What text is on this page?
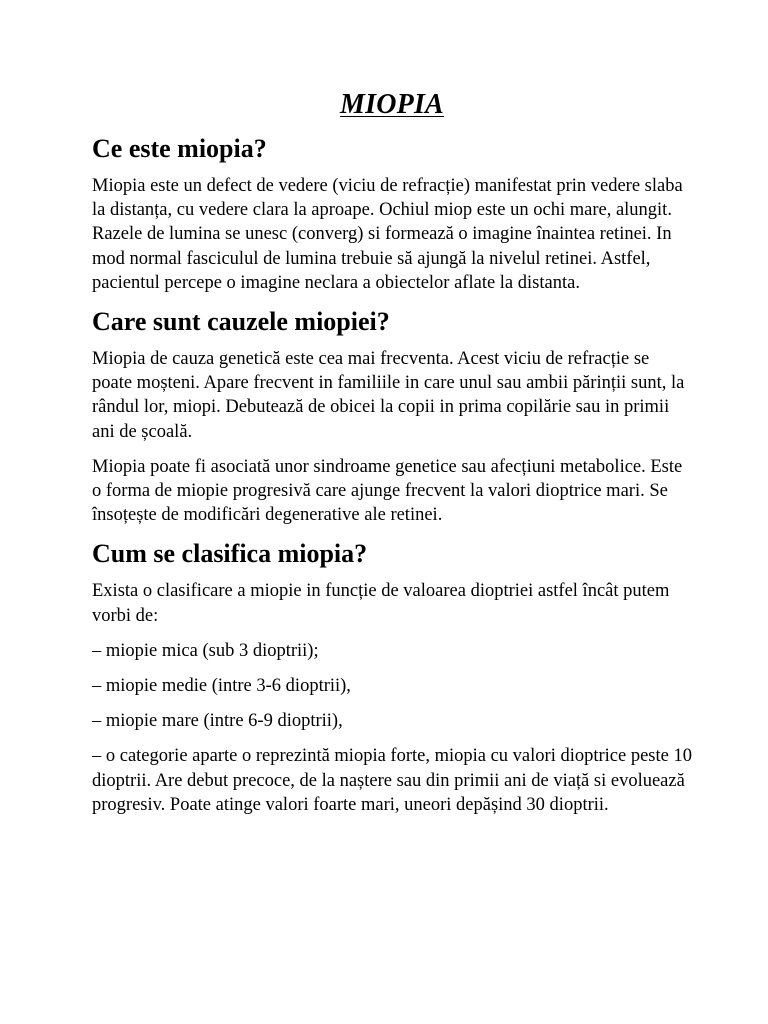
MIOPIA
Ce este miopia?
Miopia este un defect de vedere (viciu de refracție) manifestat prin vedere slaba la distanța, cu vedere clara la aproape. Ochiul miop este un ochi mare, alungit. Razele de lumina se unesc (converg) si formează o imagine înaintea retinei. In mod normal fasciculul de lumina trebuie să ajungă la nivelul retinei. Astfel, pacientul percepe o imagine neclara a obiectelor aflate la distanta.
Care sunt cauzele miopiei?
Miopia de cauza genetică este cea mai frecventa. Acest viciu de refracție se poate moșteni. Apare frecvent in familiile in care unul sau ambii părinții sunt, la rândul lor, miopi. Debutează de obicei la copii in prima copilărie sau in primii ani de școală.
Miopia poate fi asociată unor sindroame genetice sau afecțiuni metabolice. Este o forma de miopie progresivă care ajunge frecvent la valori dioptrice mari. Se însoțește de modificări degenerative ale retinei.
Cum se clasifica miopia?
Exista o clasificare a miopie in funcție de valoarea dioptriei astfel încât putem vorbi de:
– miopie mica (sub 3 dioptrii);
– miopie medie (intre 3-6 dioptrii),
– miopie mare (intre 6-9 dioptrii),
– o categorie aparte o reprezintă miopia forte, miopia cu valori dioptrice peste 10 dioptrii. Are debut precoce, de la naștere sau din primii ani de viață si evoluează progresiv. Poate atinge valori foarte mari, uneori depășind 30 dioptrii.
